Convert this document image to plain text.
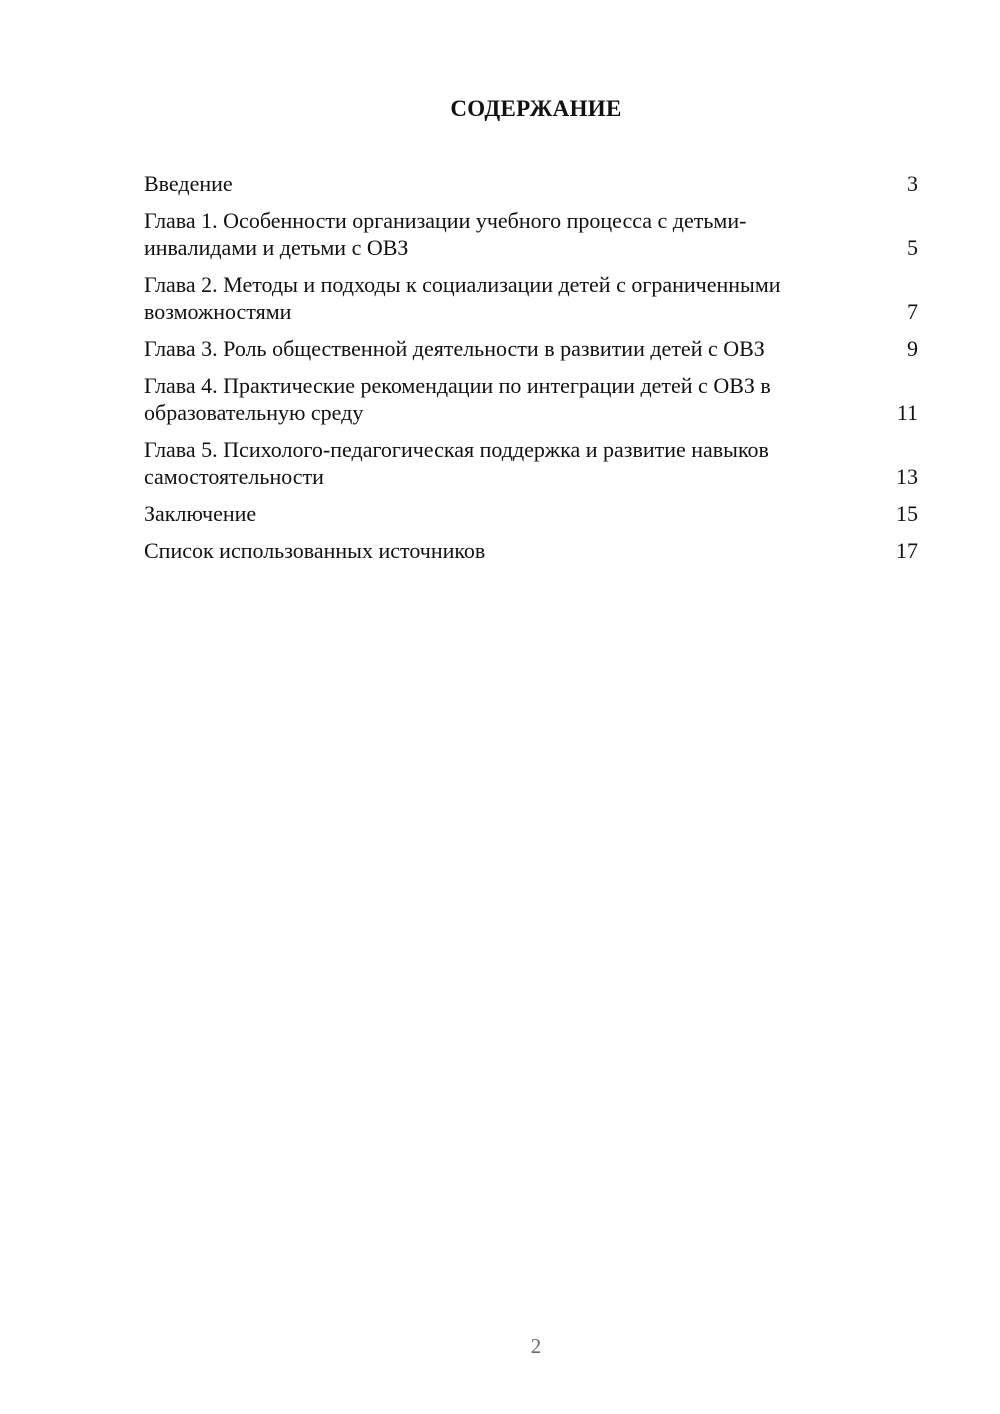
СОДЕРЖАНИЕ
Введение	3
Глава 1. Особенности организации учебного процесса с детьми-инвалидами и детьми с ОВЗ	5
Глава 2. Методы и подходы к социализации детей с ограниченными возможностями	7
Глава 3. Роль общественной деятельности в развитии детей с ОВЗ	9
Глава 4. Практические рекомендации по интеграции детей с ОВЗ в образовательную среду	11
Глава 5. Психолого-педагогическая поддержка и развитие навыков самостоятельности	13
Заключение	15
Список использованных источников	17
2
